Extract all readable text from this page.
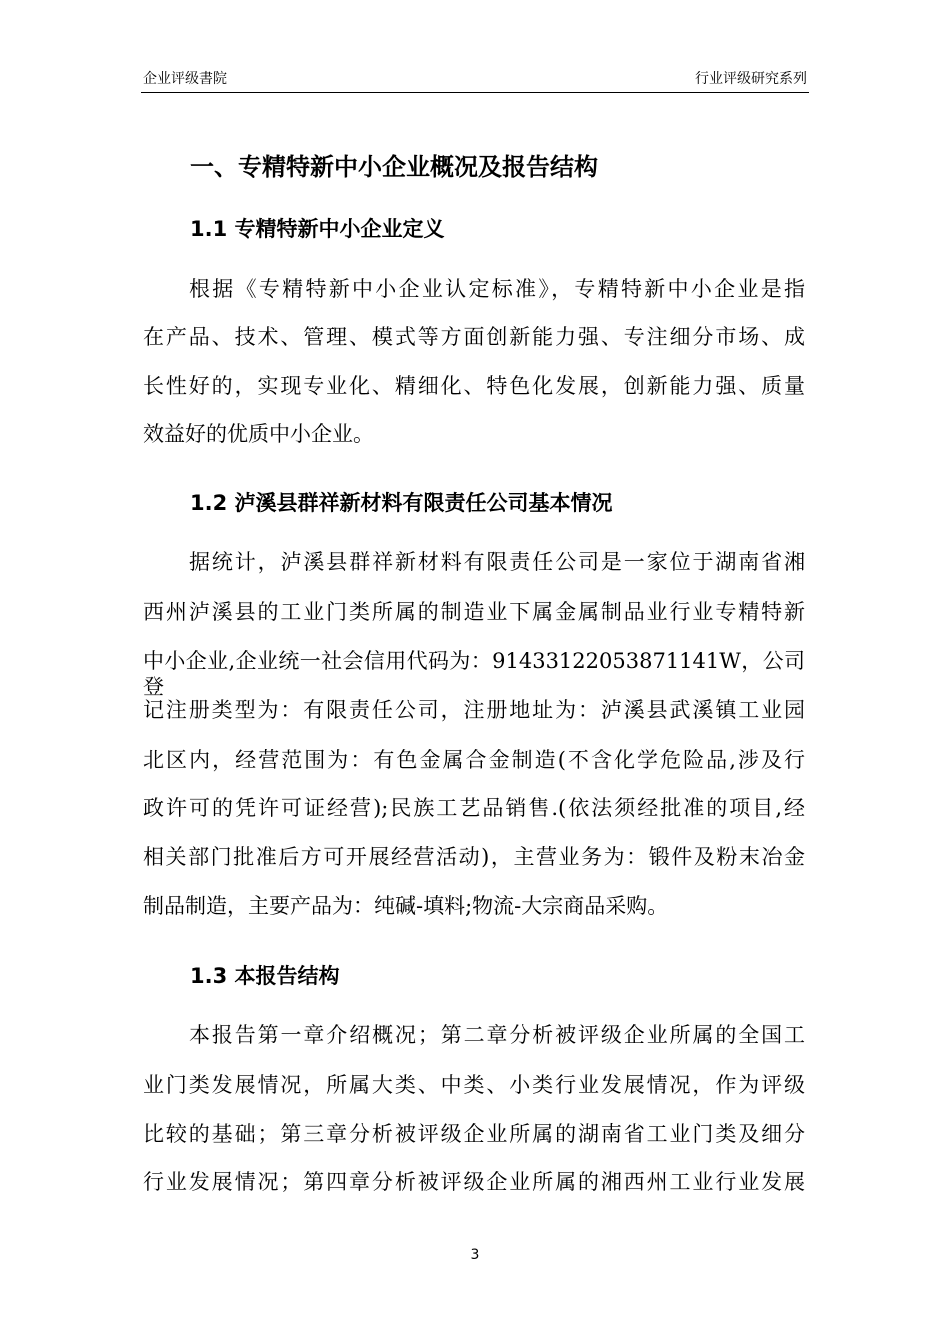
企业评级書院	行业评级研究系列
一、专精特新中小企业概况及报告结构
1.1 专精特新中小企业定义
根据《专精特新中小企业认定标准》，专精特新中小企业是指
在产品、技术、管理、模式等方面创新能力强、专注细分市场、成
长性好的，实现专业化、精细化、特色化发展，创新能力强、质量
效益好的优质中小企业。
1.2 泸溪县群祥新材料有限责任公司基本情况
据统计，泸溪县群祥新材料有限责任公司是一家位于湖南省湘
西州泸溪县的工业门类所属的制造业下属金属制品业行业专精特新
中小企业,企业统一社会信用代码为：91433122053871141W，公司登
记注册类型为：有限责任公司，注册地址为：泸溪县武溪镇工业园
北区内，经营范围为：有色金属合金制造(不含化学危险品,涉及行
政许可的凭许可证经营);民族工艺品销售.(依法须经批准的项目,经
相关部门批准后方可开展经营活动)，主营业务为：锻件及粉末冶金
制品制造，主要产品为：纯碱-填料;物流-大宗商品采购。
1.3 本报告结构
本报告第一章介绍概况；第二章分析被评级企业所属的全国工
业门类发展情况，所属大类、中类、小类行业发展情况，作为评级
比较的基础；第三章分析被评级企业所属的湖南省工业门类及细分
行业发展情况；第四章分析被评级企业所属的湘西州工业行业发展
3
